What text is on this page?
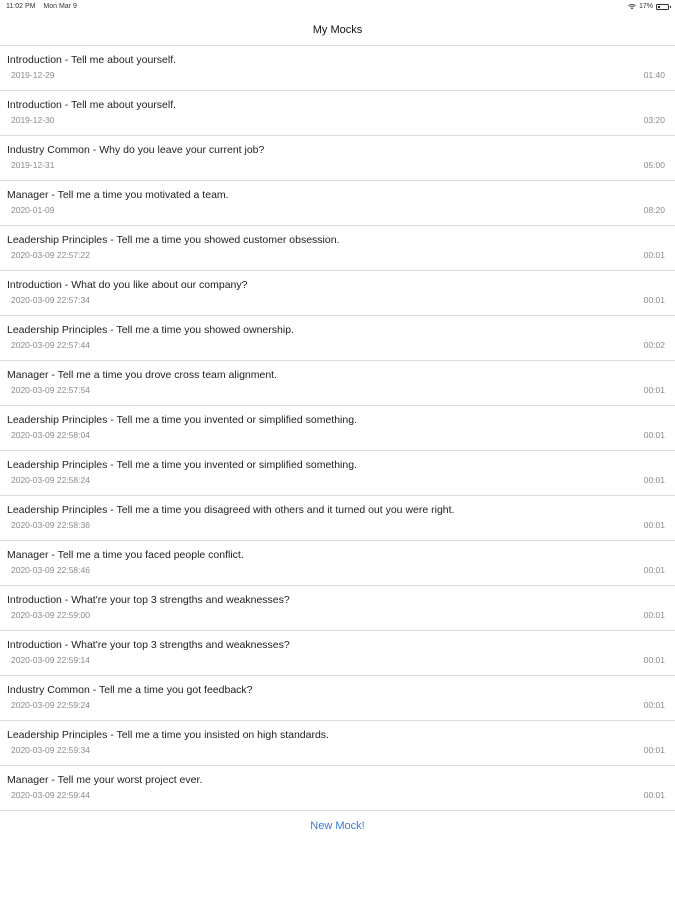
11:02 PM Mon Mar 9	17%
My Mocks
Introduction - Tell me about yourself.
2019-12-29	01:40
Introduction - Tell me about yourself.
2019-12-30	03:20
Industry Common - Why do you leave your current job?
2019-12-31	05:00
Manager - Tell me a time you motivated a team.
2020-01-09	08:20
Leadership Principles - Tell me a time you showed customer obsession.
2020-03-09 22:57:22	00:01
Introduction - What do you like about our company?
2020-03-09 22:57:34	00:01
Leadership Principles - Tell me a time you showed ownership.
2020-03-09 22:57:44	00:02
Manager - Tell me a time you drove cross team alignment.
2020-03-09 22:57:54	00:01
Leadership Principles - Tell me a time you invented or simplified something.
2020-03-09 22:58:04	00:01
Leadership Principles - Tell me a time you invented or simplified something.
2020-03-09 22:58:24	00:01
Leadership Principles - Tell me a time you disagreed with others and it turned out you were right.
2020-03-09 22:58:36	00:01
Manager - Tell me a time you faced people conflict.
2020-03-09 22:58:46	00:01
Introduction - What're your top 3 strengths and weaknesses?
2020-03-09 22:59:00	00:01
Introduction - What're your top 3 strengths and weaknesses?
2020-03-09 22:59:14	00:01
Industry Common - Tell me a time you got feedback?
2020-03-09 22:59:24	00:01
Leadership Principles - Tell me a time you insisted on high standards.
2020-03-09 22:59:34	00:01
Manager - Tell me your worst project ever.
2020-03-09 22:59:44	00:01
New Mock!
